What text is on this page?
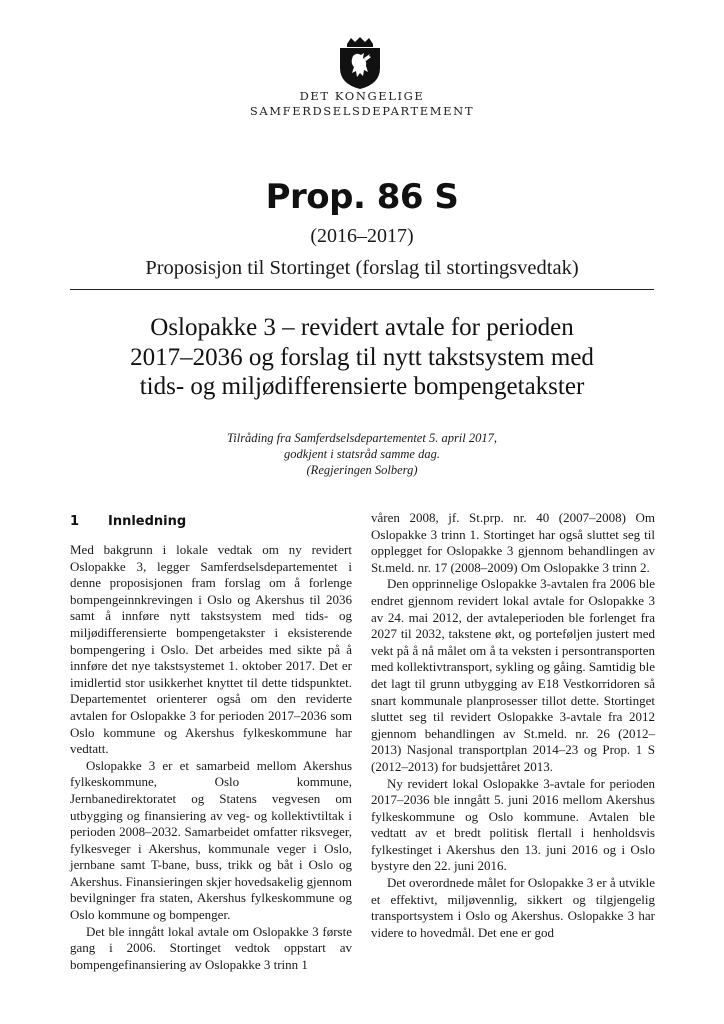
DET KONGELIGE
SAMFERDSELSDEPARTEMENT
Prop. 86 S
(2016–2017)
Proposisjon til Stortinget (forslag til stortingsvedtak)
Oslopakke 3 – revidert avtale for perioden
2017–2036 og forslag til nytt takstsystem med
tids- og miljødifferensierte bompengetakster
Tilråding fra Samferdselsdepartementet 5. april 2017,
godkjent i statsråd samme dag.
(Regjeringen Solberg)
1 Innledning

Med bakgrunn i lokale vedtak om ny revidert Oslopakke 3, legger Samferdselsdepartementet i denne proposisjonen fram forslag om å forlenge bompengeinnkrevingen i Oslo og Akershus til 2036 samt å innføre nytt takstsystem med tids- og miljødifferensierte bompengetakster i eksisterende bompengering i Oslo. Det arbeides med sikte på å innføre det nye takstsystemet 1. oktober 2017. Det er imidlertid stor usikkerhet knyttet til dette tidspunktet. Departementet orienterer også om den reviderte avtalen for Oslopakke 3 for perioden 2017–2036 som Oslo kommune og Akershus fylkeskommune har vedtatt.

Oslopakke 3 er et samarbeid mellom Akershus fylkeskommune, Oslo kommune, Jernbanedirektoratet og Statens vegvesen om utbygging og finansiering av veg- og kollektivtiltak i perioden 2008–2032. Samarbeidet omfatter riksveger, fylkesveger i Akershus, kommunale veger i Oslo, jernbane samt T-bane, buss, trikk og båt i Oslo og Akershus. Finansieringen skjer hovedsakelig gjennom bevilgninger fra staten, Akershus fylkeskommune og Oslo kommune og bompenger.

Det ble inngått lokal avtale om Oslopakke 3 første gang i 2006. Stortinget vedtok oppstart av bompengefinansiering av Oslopakke 3 trinn 1

våren 2008, jf. St.prp. nr. 40 (2007–2008) Om Oslopakke 3 trinn 1. Stortinget har også sluttet seg til opplegget for Oslopakke 3 gjennom behandlingen av St.meld. nr. 17 (2008–2009) Om Oslopakke 3 trinn 2.

Den opprinnelige Oslopakke 3-avtalen fra 2006 ble endret gjennom revidert lokal avtale for Oslopakke 3 av 24. mai 2012, der avtaleperioden ble forlenget fra 2027 til 2032, takstene økt, og porteføljen justert med vekt på å nå målet om å ta veksten i persontransporten med kollektivtransport, sykling og gåing. Samtidig ble det lagt til grunn utbygging av E18 Vestkorridoren så snart kommunale planprosesser tillot dette. Stortinget sluttet seg til revidert Oslopakke 3-avtale fra 2012 gjennom behandlingen av St.meld. nr. 26 (2012–2013) Nasjonal transportplan 2014–23 og Prop. 1 S (2012–2013) for budsjettåret 2013.

Ny revidert lokal Oslopakke 3-avtale for perioden 2017–2036 ble inngått 5. juni 2016 mellom Akershus fylkeskommune og Oslo kommune. Avtalen ble vedtatt av et bredt politisk flertall i henholdsvis fylkestinget i Akershus den 13. juni 2016 og i Oslo bystyre den 22. juni 2016.

Det overordnede målet for Oslopakke 3 er å utvikle et effektivt, miljøvennlig, sikkert og tilgjengelig transportsystem i Oslo og Akershus. Oslopakke 3 har videre to hovedmål. Det ene er god
